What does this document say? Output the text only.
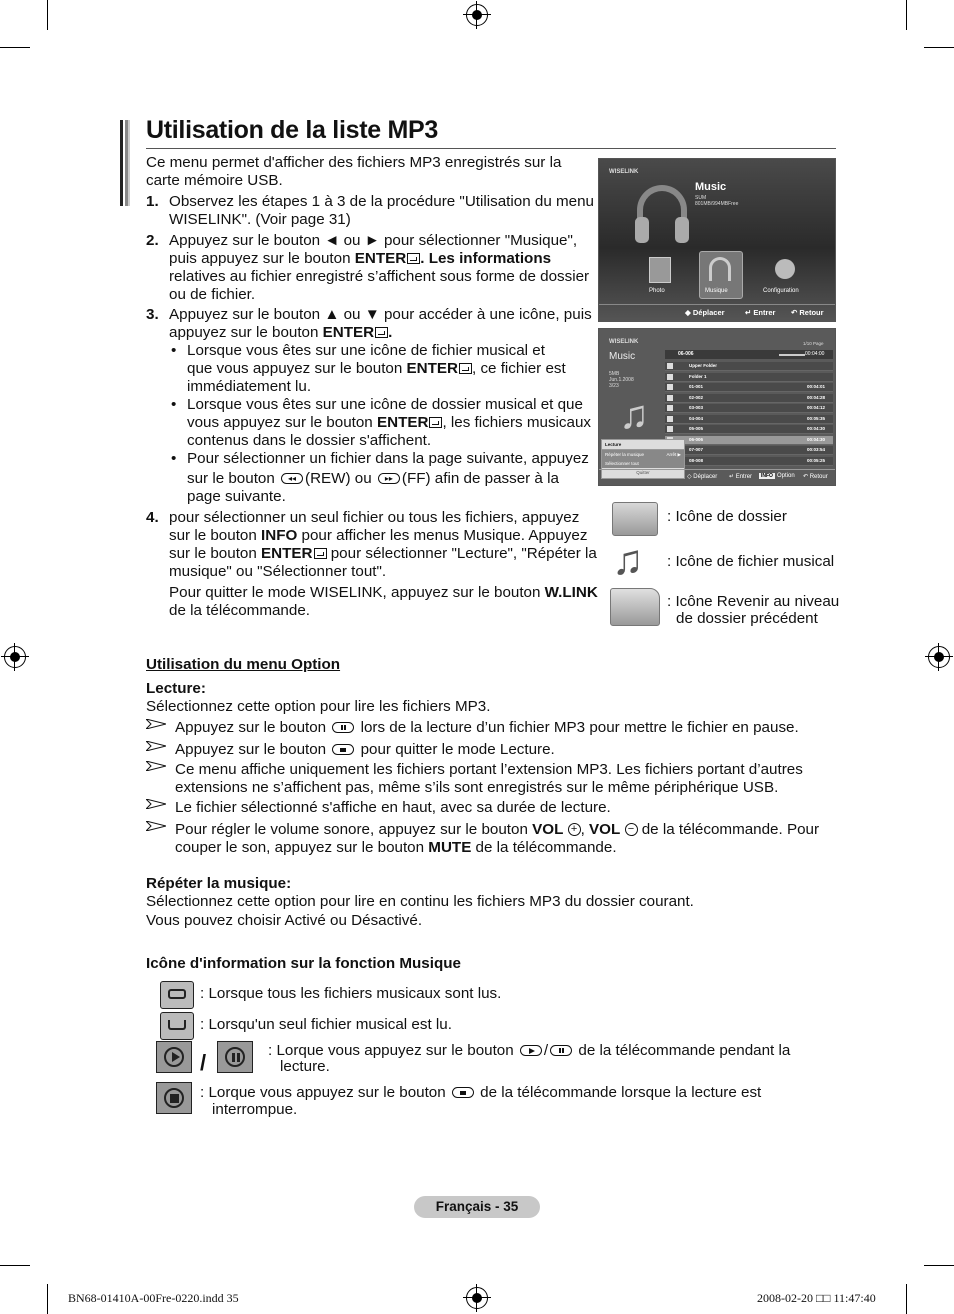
Utilisation de la liste MP3
Ce menu permet d'afficher des fichiers MP3 enregistrés sur la carte mémoire USB.
1. Observez les étapes 1 à 3 de la procédure "Utilisation du menu
WISELINK". (Voir page 31)
2. Appuyez sur le bouton ◄ ou ► pour sélectionner "Musique",
puis appuyez sur le bouton ENTER . Les informations
relatives au fichier enregistré s’affichent sous forme de dossier
ou de fichier.
3. Appuyez sur le bouton ▲ ou ▼ pour accéder à une icône, puis
appuyez sur le bouton ENTER .
• Lorsque vous êtes sur une icône de fichier musical et
que vous appuyez sur le bouton ENTER , ce fichier est
immédiatement lu.
• Lorsque vous êtes sur une icône de dossier musical et que
vous appuyez sur le bouton ENTER , les fichiers musicaux
contenus dans le dossier s'affichent.
• Pour sélectionner un fichier dans la page suivante, appuyez
sur le bouton ◂◂ (REW) ou ▸▸ (FF) afin de passer à la
page suivante.
4. pour sélectionner un seul fichier ou tous les fichiers, appuyez
sur le bouton INFO pour afficher les menus Musique. Appuyez
sur le bouton ENTER pour sélectionner "Lecture", "Répéter la
musique" ou "Sélectionner tout".
Pour quitter le mode WISELINK, appuyez sur le bouton W.LINK
de la télécommande.
WISELINK
Music
SUM
801MB/994MBFree
Photo	Musique	Configuration
◆ Déplacer	↵ Entrer ↶ Retour
WISELINK
Music
5MB
Jun.1.2008
3/23
♫
1/10 Page
06-006	00:04:00
Upper Folder
Folder 1
01-001	00:04:01
02-002	00:04:28
03-003	00:04:12
04-004	00:05:35
05-005	00:04:30
06-006	00:04:30
07-007	00:03:54
08-008	00:05:25
Lecture
Répéter la musique	Arrêt ▶
Sélectionner tout
Quitter
◇ Déplacer ↵ Entrer	INFO Option ↶ Retour
: Icône de dossier
♫ : Icône de fichier musical
: Icône Revenir au niveau
de dossier précédent
Utilisation du menu Option
Lecture:
Sélectionnez cette option pour lire les fichiers MP3.
Appuyez sur le bouton  lors de la lecture d’un fichier MP3 pour mettre le fichier en pause.
Appuyez sur le bouton  pour quitter le mode Lecture.
Ce menu affiche uniquement les fichiers portant l’extension MP3. Les fichiers portant d’autres
extensions ne s’affichent pas, même s’ils sont enregistrés sur le même périphérique USB.
Le fichier sélectionné s'affiche en haut, avec sa durée de lecture.
Pour régler le volume sonore, appuyez sur le bouton VOL + , VOL − de la télécommande. Pour
couper le son, appuyez sur le bouton MUTE de la télécommande.
Répéter la musique:
Sélectionnez cette option pour lire en continu les fichiers MP3 du dossier courant.
Vous pouvez choisir Activé ou Désactivé.
Icône d'information sur la fonction Musique
: Lorsque tous les fichiers musicaux sont lus.
: Lorsqu'un seul fichier musical est lu.
/	: Lorque vous appuyez sur le bouton / de la télécommande pendant la
lecture.
: Lorque vous appuyez sur le bouton  de la télécommande lorsque la lecture est
interrompue.
Français - 35
BN68-01410A-00Fre-0220.indd 35	2008-02-20 □□ 11:47:40
